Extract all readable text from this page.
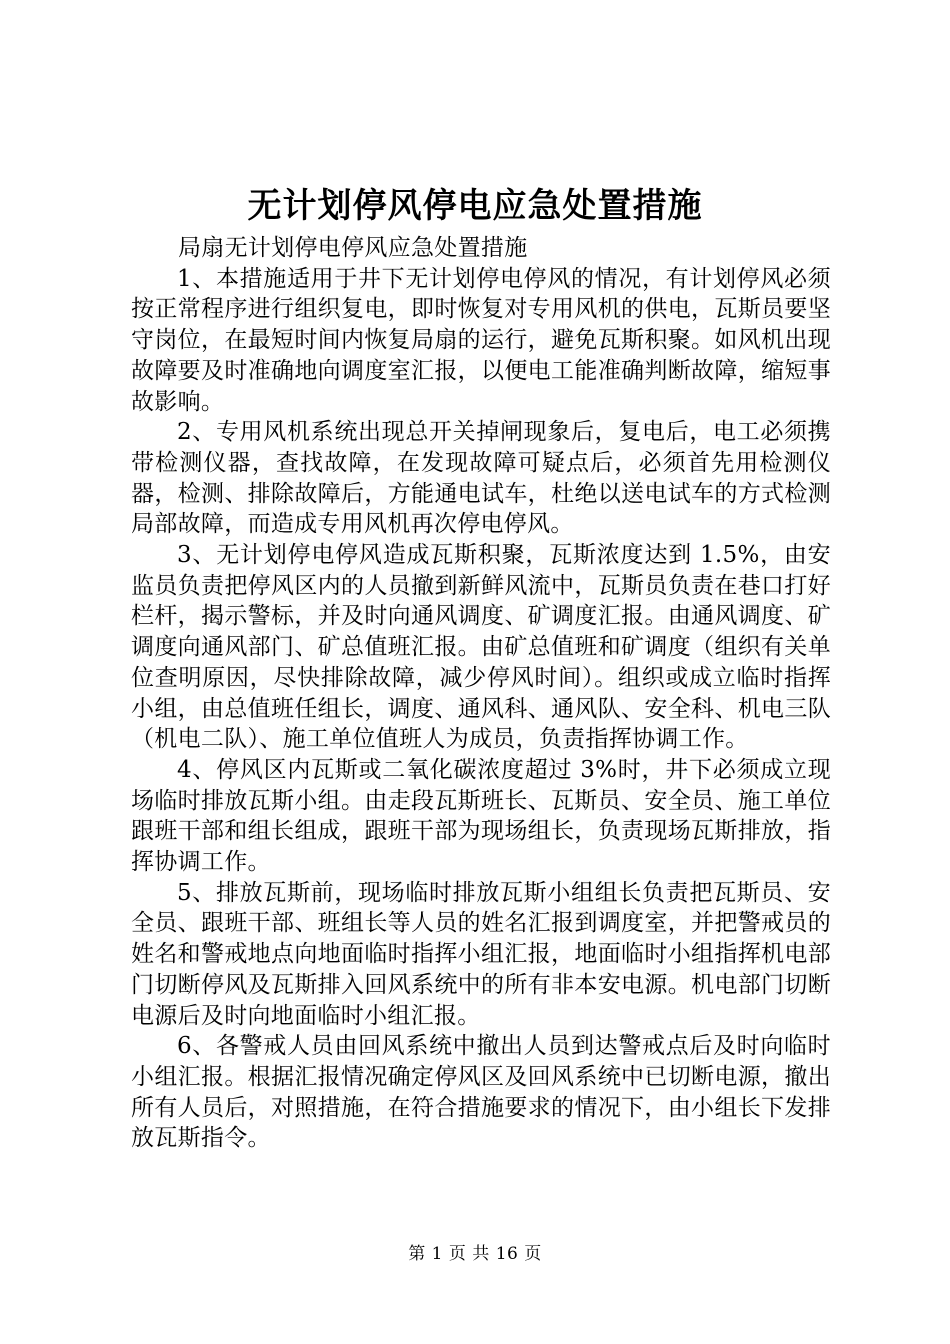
无计划停风停电应急处置措施

局扇无计划停电停风应急处置措施

1、本措施适用于井下无计划停电停风的情况，有计划停风必须按正常程序进行组织复电，即时恢复对专用风机的供电，瓦斯员要坚守岗位，在最短时间内恢复局扇的运行，避免瓦斯积聚。如风机出现故障要及时准确地向调度室汇报，以便电工能准确判断故障，缩短事故影响。

2、专用风机系统出现总开关掉闸现象后，复电后，电工必须携带检测仪器，查找故障，在发现故障可疑点后，必须首先用检测仪器，检测、排除故障后，方能通电试车，杜绝以送电试车的方式检测局部故障，而造成专用风机再次停电停风。

3、无计划停电停风造成瓦斯积聚，瓦斯浓度达到 1.5%，由安监员负责把停风区内的人员撤到新鲜风流中，瓦斯员负责在巷口打好栏杆，揭示警标，并及时向通风调度、矿调度汇报。由通风调度、矿调度向通风部门、矿总值班汇报。由矿总值班和矿调度（组织有关单位查明原因，尽快排除故障，减少停风时间）。组织或成立临时指挥小组，由总值班任组长，调度、通风科、通风队、安全科、机电三队（机电二队）、施工单位值班人为成员，负责指挥协调工作。

4、停风区内瓦斯或二氧化碳浓度超过 3%时，井下必须成立现场临时排放瓦斯小组。由走段瓦斯班长、瓦斯员、安全员、施工单位跟班干部和组长组成，跟班干部为现场组长，负责现场瓦斯排放，指挥协调工作。

5、排放瓦斯前，现场临时排放瓦斯小组组长负责把瓦斯员、安全员、跟班干部、班组长等人员的姓名汇报到调度室，并把警戒员的姓名和警戒地点向地面临时指挥小组汇报，地面临时小组指挥机电部门切断停风及瓦斯排入回风系统中的所有非本安电源。机电部门切断电源后及时向地面临时小组汇报。

6、各警戒人员由回风系统中撤出人员到达警戒点后及时向临时小组汇报。根据汇报情况确定停风区及回风系统中已切断电源，撤出所有人员后，对照措施，在符合措施要求的情况下，由小组长下发排放瓦斯指令。

第 1 页 共 16 页
